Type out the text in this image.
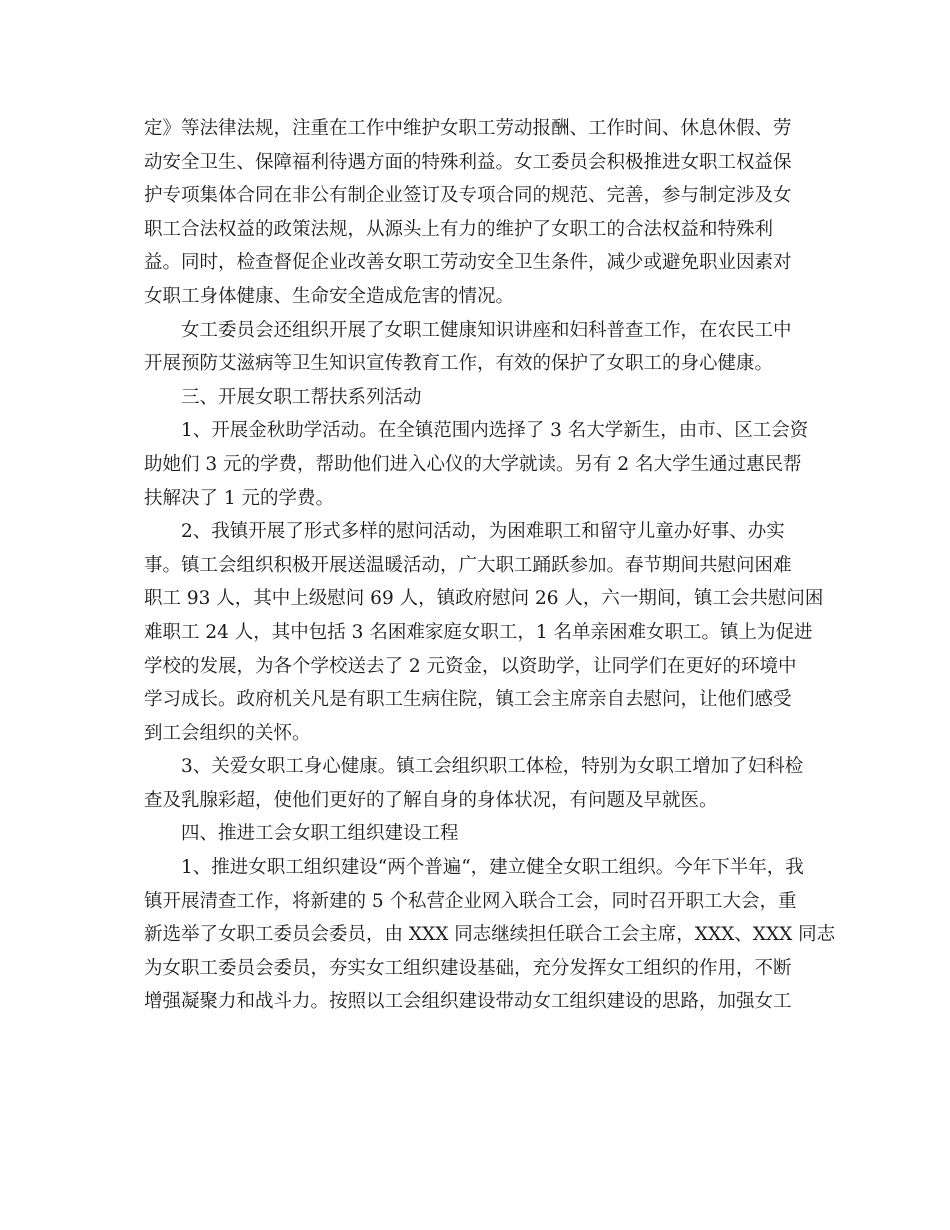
定》等法律法规，注重在工作中维护女职工劳动报酬、工作时间、休息休假、劳
动安全卫生、保障福利待遇方面的特殊利益。女工委员会积极推进女职工权益保
护专项集体合同在非公有制企业签订及专项合同的规范、完善，参与制定涉及女
职工合法权益的政策法规，从源头上有力的维护了女职工的合法权益和特殊利
益。同时，检查督促企业改善女职工劳动安全卫生条件，减少或避免职业因素对
女职工身体健康、生命安全造成危害的情况。
女工委员会还组织开展了女职工健康知识讲座和妇科普查工作，在农民工中
开展预防艾滋病等卫生知识宣传教育工作，有效的保护了女职工的身心健康。
三、开展女职工帮扶系列活动
1、开展金秋助学活动。在全镇范围内选择了 3 名大学新生，由市、区工会资
助她们 3 元的学费，帮助他们进入心仪的大学就读。另有 2 名大学生通过惠民帮
扶解决了 1 元的学费。
2、我镇开展了形式多样的慰问活动，为困难职工和留守儿童办好事、办实
事。镇工会组织积极开展送温暖活动，广大职工踊跃参加。春节期间共慰问困难
职工 93 人，其中上级慰问 69 人，镇政府慰问 26 人，六一期间，镇工会共慰问困
难职工 24 人，其中包括 3 名困难家庭女职工，1 名单亲困难女职工。镇上为促进
学校的发展，为各个学校送去了 2 元资金，以资助学，让同学们在更好的环境中
学习成长。政府机关凡是有职工生病住院，镇工会主席亲自去慰问，让他们感受
到工会组织的关怀。
3、关爱女职工身心健康。镇工会组织职工体检，特别为女职工增加了妇科检
查及乳腺彩超，使他们更好的了解自身的身体状况，有问题及早就医。
四、推进工会女职工组织建设工程
1、推进女职工组织建设“两个普遍“，建立健全女职工组织。今年下半年，我
镇开展清查工作，将新建的 5 个私营企业网入联合工会，同时召开职工大会，重
新选举了女职工委员会委员，由 XXX 同志继续担任联合工会主席，XXX、XXX 同志
为女职工委员会委员，夯实女工组织建设基础，充分发挥女工组织的作用，不断
增强凝聚力和战斗力。按照以工会组织建设带动女工组织建设的思路，加强女工
